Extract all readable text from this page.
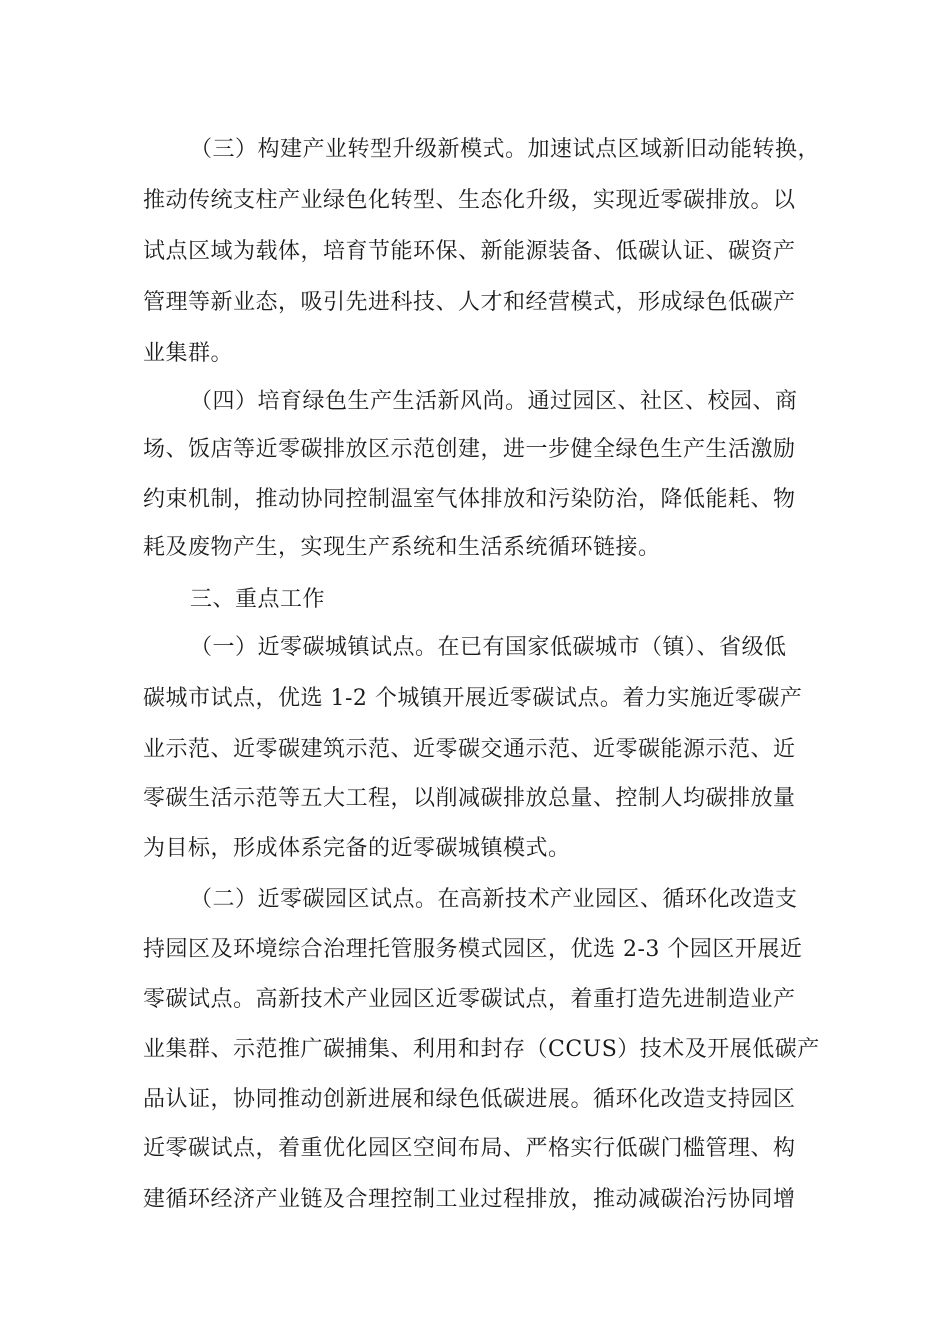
（三）构建产业转型升级新模式。加速试点区域新旧动能转换，
推动传统支柱产业绿色化转型、生态化升级，实现近零碳排放。以
试点区域为载体，培育节能环保、新能源装备、低碳认证、碳资产
管理等新业态，吸引先进科技、人才和经营模式，形成绿色低碳产
业集群。
（四）培育绿色生产生活新风尚。通过园区、社区、校园、商
场、饭店等近零碳排放区示范创建，进一步健全绿色生产生活激励
约束机制，推动协同控制温室气体排放和污染防治，降低能耗、物
耗及废物产生，实现生产系统和生活系统循环链接。
三、重点工作
（一）近零碳城镇试点。在已有国家低碳城市（镇）、省级低
碳城市试点，优选 1-2 个城镇开展近零碳试点。着力实施近零碳产
业示范、近零碳建筑示范、近零碳交通示范、近零碳能源示范、近
零碳生活示范等五大工程，以削减碳排放总量、控制人均碳排放量
为目标，形成体系完备的近零碳城镇模式。
（二）近零碳园区试点。在高新技术产业园区、循环化改造支
持园区及环境综合治理托管服务模式园区，优选 2-3 个园区开展近
零碳试点。高新技术产业园区近零碳试点，着重打造先进制造业产
业集群、示范推广碳捕集、利用和封存（CCUS）技术及开展低碳产
品认证，协同推动创新进展和绿色低碳进展。循环化改造支持园区
近零碳试点，着重优化园区空间布局、严格实行低碳门槛管理、构
建循环经济产业链及合理控制工业过程排放，推动减碳治污协同增
